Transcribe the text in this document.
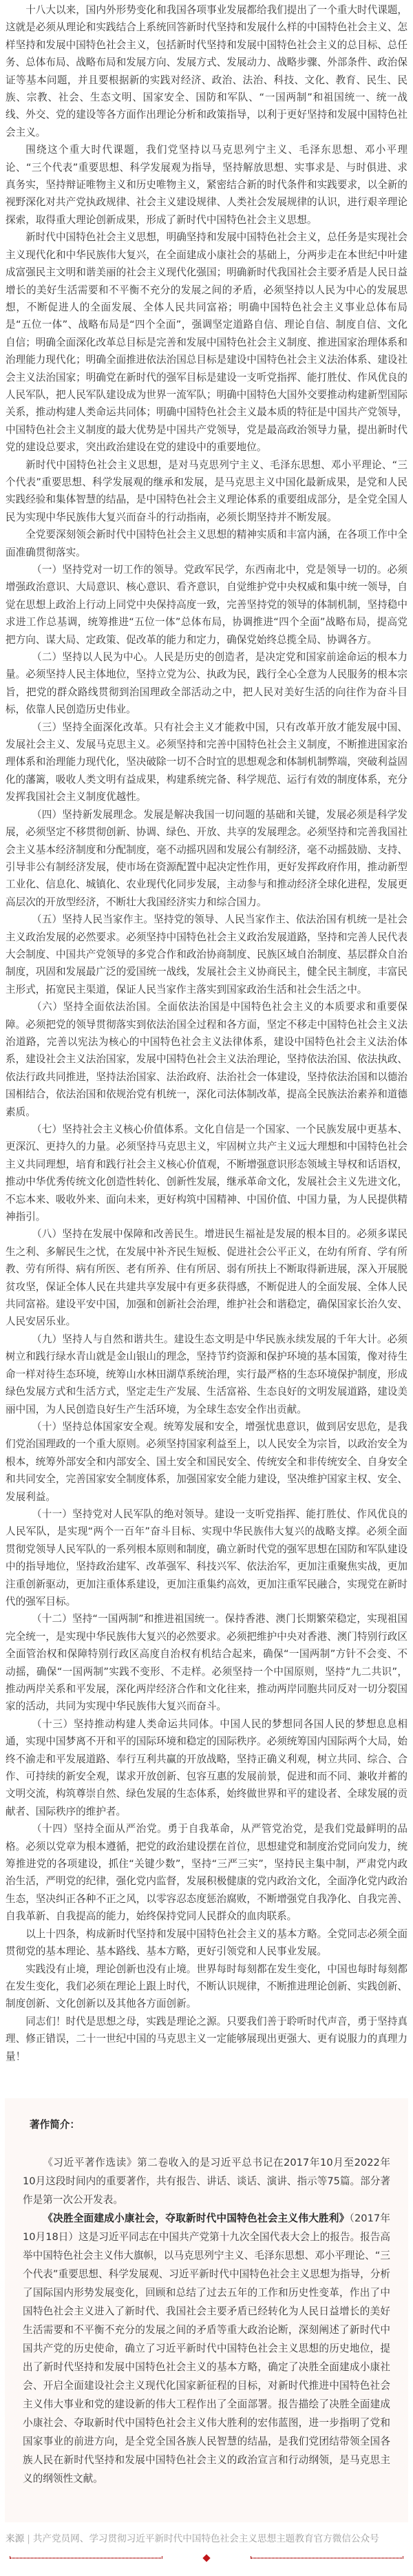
十八大以来，国内外形势变化和我国各项事业发展都给我们提出了一个重大时代课题，这就是必须从理论和实践结合上系统回答新时代坚持和发展什么样的中国特色社会主义、怎样坚持和发展中国特色社会主义，包括新时代坚持和发展中国特色社会主义的总目标、总任务、总体布局、战略布局和发展方向、发展方式、发展动力、战略步骤、外部条件、政治保证等基本问题，并且要根据新的实践对经济、政治、法治、科技、文化、教育、民生、民族、宗教、社会、生态文明、国家安全、国防和军队、“一国两制”和祖国统一、统一战线、外交、党的建设等各方面作出理论分析和政策指导，以利于更好坚持和发展中国特色社会主义。

围绕这个重大时代课题，我们党坚持以马克思列宁主义、毛泽东思想、邓小平理论、“三个代表”重要思想、科学发展观为指导，坚持解放思想、实事求是、与时俱进、求真务实，坚持辩证唯物主义和历史唯物主义，紧密结合新的时代条件和实践要求，以全新的视野深化对共产党执政规律、社会主义建设规律、人类社会发展规律的认识，进行艰辛理论探索，取得重大理论创新成果，形成了新时代中国特色社会主义思想。

新时代中国特色社会主义思想，明确坚持和发展中国特色社会主义，总任务是实现社会主义现代化和中华民族伟大复兴，在全面建成小康社会的基础上，分两步走在本世纪中叶建成富强民主文明和谐美丽的社会主义现代化强国；明确新时代我国社会主要矛盾是人民日益增长的美好生活需要和不平衡不充分的发展之间的矛盾，必须坚持以人民为中心的发展思想，不断促进人的全面发展、全体人民共同富裕；明确中国特色社会主义事业总体布局是“五位一体”、战略布局是“四个全面”，强调坚定道路自信、理论自信、制度自信、文化自信；明确全面深化改革总目标是完善和发展中国特色社会主义制度、推进国家治理体系和治理能力现代化；明确全面推进依法治国总目标是建设中国特色社会主义法治体系、建设社会主义法治国家；明确党在新时代的强军目标是建设一支听党指挥、能打胜仗、作风优良的人民军队，把人民军队建设成为世界一流军队；明确中国特色大国外交要推动构建新型国际关系，推动构建人类命运共同体；明确中国特色社会主义最本质的特征是中国共产党领导，中国特色社会主义制度的最大优势是中国共产党领导，党是最高政治领导力量，提出新时代党的建设总要求，突出政治建设在党的建设中的重要地位。

新时代中国特色社会主义思想，是对马克思列宁主义、毛泽东思想、邓小平理论、“三个代表”重要思想、科学发展观的继承和发展，是马克思主义中国化最新成果，是党和人民实践经验和集体智慧的结晶，是中国特色社会主义理论体系的重要组成部分，是全党全国人民为实现中华民族伟大复兴而奋斗的行动指南，必须长期坚持并不断发展。

全党要深刻领会新时代中国特色社会主义思想的精神实质和丰富内涵，在各项工作中全面准确贯彻落实。

（一）坚持党对一切工作的领导。党政军民学，东西南北中，党是领导一切的。必须增强政治意识、大局意识、核心意识、看齐意识，自觉维护党中央权威和集中统一领导，自觉在思想上政治上行动上同党中央保持高度一致，完善坚持党的领导的体制机制，坚持稳中求进工作总基调，统筹推进“五位一体”总体布局，协调推进“四个全面”战略布局，提高党把方向、谋大局、定政策、促改革的能力和定力，确保党始终总揽全局、协调各方。

（二）坚持以人民为中心。人民是历史的创造者，是决定党和国家前途命运的根本力量。必须坚持人民主体地位，坚持立党为公、执政为民，践行全心全意为人民服务的根本宗旨，把党的群众路线贯彻到治国理政全部活动之中，把人民对美好生活的向往作为奋斗目标，依靠人民创造历史伟业。

（三）坚持全面深化改革。只有社会主义才能救中国，只有改革开放才能发展中国、发展社会主义、发展马克思主义。必须坚持和完善中国特色社会主义制度，不断推进国家治理体系和治理能力现代化，坚决破除一切不合时宜的思想观念和体制机制弊端，突破利益固化的藩篱，吸收人类文明有益成果，构建系统完备、科学规范、运行有效的制度体系，充分发挥我国社会主义制度优越性。

（四）坚持新发展理念。发展是解决我国一切问题的基础和关键，发展必须是科学发展，必须坚定不移贯彻创新、协调、绿色、开放、共享的发展理念。必须坚持和完善我国社会主义基本经济制度和分配制度，毫不动摇巩固和发展公有制经济，毫不动摇鼓励、支持、引导非公有制经济发展，使市场在资源配置中起决定性作用，更好发挥政府作用，推动新型工业化、信息化、城镇化、农业现代化同步发展，主动参与和推动经济全球化进程，发展更高层次的开放型经济，不断壮大我国经济实力和综合国力。

（五）坚持人民当家作主。坚持党的领导、人民当家作主、依法治国有机统一是社会主义政治发展的必然要求。必须坚持中国特色社会主义政治发展道路，坚持和完善人民代表大会制度、中国共产党领导的多党合作和政治协商制度、民族区域自治制度、基层群众自治制度，巩固和发展最广泛的爱国统一战线，发展社会主义协商民主，健全民主制度，丰富民主形式，拓宽民主渠道，保证人民当家作主落实到国家政治生活和社会生活之中。

（六）坚持全面依法治国。全面依法治国是中国特色社会主义的本质要求和重要保障。必须把党的领导贯彻落实到依法治国全过程和各方面，坚定不移走中国特色社会主义法治道路，完善以宪法为核心的中国特色社会主义法律体系，建设中国特色社会主义法治体系，建设社会主义法治国家，发展中国特色社会主义法治理论，坚持依法治国、依法执政、依法行政共同推进，坚持法治国家、法治政府、法治社会一体建设，坚持依法治国和以德治国相结合，依法治国和依规治党有机统一，深化司法体制改革，提高全民族法治素养和道德素质。

（七）坚持社会主义核心价值体系。文化自信是一个国家、一个民族发展中更基本、更深沉、更持久的力量。必须坚持马克思主义，牢固树立共产主义远大理想和中国特色社会主义共同理想，培育和践行社会主义核心价值观，不断增强意识形态领域主导权和话语权，推动中华优秀传统文化创造性转化、创新性发展，继承革命文化，发展社会主义先进文化，不忘本来、吸收外来、面向未来，更好构筑中国精神、中国价值、中国力量，为人民提供精神指引。

（八）坚持在发展中保障和改善民生。增进民生福祉是发展的根本目的。必须多谋民生之利、多解民生之忧，在发展中补齐民生短板、促进社会公平正义，在幼有所育、学有所教、劳有所得、病有所医、老有所养、住有所居、弱有所扶上不断取得新进展，深入开展脱贫攻坚，保证全体人民在共建共享发展中有更多获得感，不断促进人的全面发展、全体人民共同富裕。建设平安中国，加强和创新社会治理，维护社会和谐稳定，确保国家长治久安、人民安居乐业。

（九）坚持人与自然和谐共生。建设生态文明是中华民族永续发展的千年大计。必须树立和践行绿水青山就是金山银山的理念，坚持节约资源和保护环境的基本国策，像对待生命一样对待生态环境，统筹山水林田湖草系统治理，实行最严格的生态环境保护制度，形成绿色发展方式和生活方式，坚定走生产发展、生活富裕、生态良好的文明发展道路，建设美丽中国，为人民创造良好生产生活环境，为全球生态安全作出贡献。

（十）坚持总体国家安全观。统筹发展和安全，增强忧患意识，做到居安思危，是我们党治国理政的一个重大原则。必须坚持国家利益至上，以人民安全为宗旨，以政治安全为根本，统筹外部安全和内部安全、国土安全和国民安全、传统安全和非传统安全、自身安全和共同安全，完善国家安全制度体系，加强国家安全能力建设，坚决维护国家主权、安全、发展利益。

（十一）坚持党对人民军队的绝对领导。建设一支听党指挥、能打胜仗、作风优良的人民军队，是实现“两个一百年”奋斗目标、实现中华民族伟大复兴的战略支撑。必须全面贯彻党领导人民军队的一系列根本原则和制度，确立新时代党的强军思想在国防和军队建设中的指导地位，坚持政治建军、改革强军、科技兴军、依法治军，更加注重聚焦实战，更加注重创新驱动，更加注重体系建设，更加注重集约高效，更加注重军民融合，实现党在新时代的强军目标。

（十二）坚持“一国两制”和推进祖国统一。保持香港、澳门长期繁荣稳定，实现祖国完全统一，是实现中华民族伟大复兴的必然要求。必须把维护中央对香港、澳门特别行政区全面管治权和保障特别行政区高度自治权有机结合起来，确保“一国两制”方针不会变、不动摇，确保“一国两制”实践不变形、不走样。必须坚持一个中国原则，坚持“九二共识”，推动两岸关系和平发展，深化两岸经济合作和文化往来，推动两岸同胞共同反对一切分裂国家的活动，共同为实现中华民族伟大复兴而奋斗。

（十三）坚持推动构建人类命运共同体。中国人民的梦想同各国人民的梦想息息相通，实现中国梦离不开和平的国际环境和稳定的国际秩序。必须统筹国内国际两个大局，始终不渝走和平发展道路、奉行互利共赢的开放战略，坚持正确义利观，树立共同、综合、合作、可持续的新安全观，谋求开放创新、包容互惠的发展前景，促进和而不同、兼收并蓄的文明交流，构筑尊崇自然、绿色发展的生态体系，始终做世界和平的建设者、全球发展的贡献者、国际秩序的维护者。

（十四）坚持全面从严治党。勇于自我革命，从严管党治党，是我们党最鲜明的品格。必须以党章为根本遵循，把党的政治建设摆在首位，思想建党和制度治党同向发力，统筹推进党的各项建设，抓住“关键少数”，坚持“三严三实”，坚持民主集中制，严肃党内政治生活，严明党的纪律，强化党内监督，发展积极健康的党内政治文化，全面净化党内政治生态，坚决纠正各种不正之风，以零容忍态度惩治腐败，不断增强党自我净化、自我完善、自我革新、自我提高的能力，始终保持党同人民群众的血肉联系。

以上十四条，构成新时代坚持和发展中国特色社会主义的基本方略。全党同志必须全面贯彻党的基本理论、基本路线、基本方略，更好引领党和人民事业发展。

实践没有止境，理论创新也没有止境。世界每时每刻都在发生变化，中国也每时每刻都在发生变化，我们必须在理论上跟上时代，不断认识规律，不断推进理论创新、实践创新、制度创新、文化创新以及其他各方面创新。

同志们！时代是思想之母，实践是理论之源。只要我们善于聆听时代声音，勇于坚持真理、修正错误，二十一世纪中国的马克思主义一定能够展现出更强大、更有说服力的真理力量！

著作简介：

《习近平著作选读》第二卷收入的是习近平总书记在2017年10月至2022年10月这段时间内的重要著作，共有报告、讲话、谈话、演讲、指示等75篇。部分著作是第一次公开发表。

《决胜全面建成小康社会，夺取新时代中国特色社会主义伟大胜利》（2017年10月18日）这是习近平同志在中国共产党第十九次全国代表大会上的报告。报告高举中国特色社会主义伟大旗帜，以马克思列宁主义、毛泽东思想、邓小平理论、“三个代表”重要思想、科学发展观、习近平新时代中国特色社会主义思想为指导，分析了国际国内形势发展变化，回顾和总结了过去五年的工作和历史性变革，作出了中国特色社会主义进入了新时代、我国社会主要矛盾已经转化为人民日益增长的美好生活需要和不平衡不充分的发展之间的矛盾等重大政治论断，深刻阐述了新时代中国共产党的历史使命，确立了习近平新时代中国特色社会主义思想的历史地位，提出了新时代坚持和发展中国特色社会主义的基本方略，确定了决胜全面建成小康社会、开启全面建设社会主义现代化国家新征程的目标，对新时代推进中国特色社会主义伟大事业和党的建设新的伟大工程作出了全面部署。报告描绘了决胜全面建成小康社会、夺取新时代中国特色社会主义伟大胜利的宏伟蓝图，进一步指明了党和国家事业的前进方向，是全党全国各族人民智慧的结晶，是我们党团结带领全国各族人民在新时代坚持和发展中国特色社会主义的政治宣言和行动纲领，是马克思主义的纲领性文献。

来源 | 共产党员网、学习贯彻习近平新时代中国特色社会主义思想主题教育官方微信公众号
